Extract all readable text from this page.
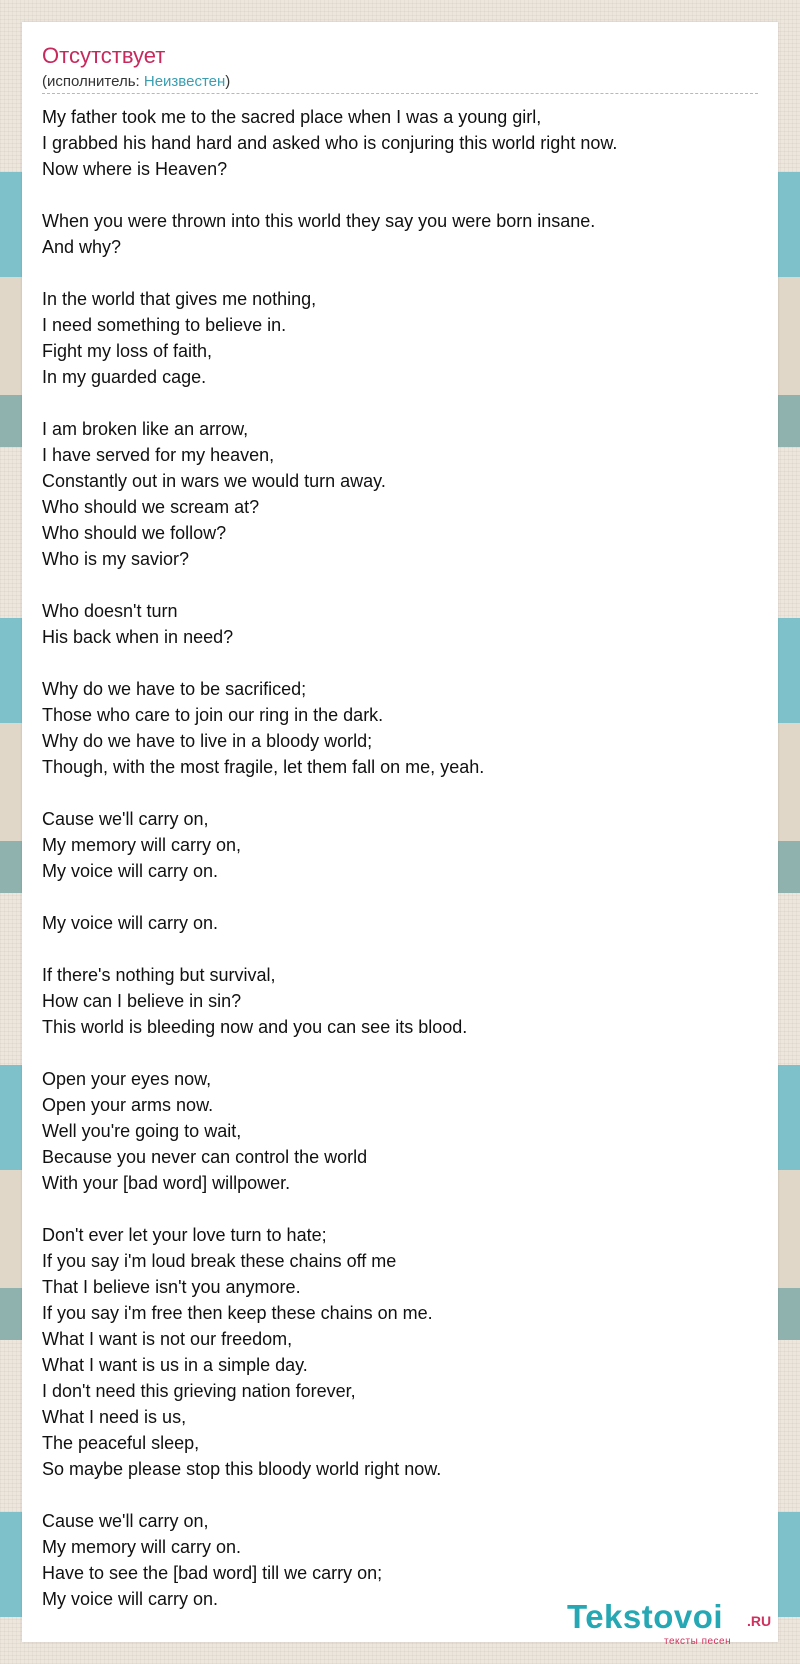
Отсутствует
(исполнитель: Неизвестен)
My father took me to the sacred place when I was a young girl,
I grabbed his hand hard and asked who is conjuring this world right now.
Now where is Heaven?

When you were thrown into this world they say you were born insane.
And why?

In the world that gives me nothing,
I need something to believe in.
Fight my loss of faith,
In my guarded cage.

I am broken like an arrow,
I have served for my heaven,
Constantly out in wars we would turn away.
Who should we scream at?
Who should we follow?
Who is my savior?

Who doesn't turn
His back when in need?

Why do we have to be sacrificed;
Those who care to join our ring in the dark.
Why do we have to live in a bloody world;
Though, with the most fragile, let them fall on me, yeah.

Cause we'll carry on,
My memory will carry on,
My voice will carry on.

My voice will carry on.

If there's nothing but survival,
How can I believe in sin?
This world is bleeding now and you can see its blood.

Open your eyes now,
Open your arms now.
Well you're going to wait,
Because you never can control the world
With your [bad word] willpower.

Don't ever let your love turn to hate;
If you say i'm loud break these chains off me
That I believe isn't you anymore.
If you say i'm free then keep these chains on me.
What I want is not our freedom,
What I want is us in a simple day.
I don't need this grieving nation forever,
What I need is us,
The peaceful sleep,
So maybe please stop this bloody world right now.

Cause we'll carry on,
My memory will carry on.
Have to see the [bad word] till we carry on;
My voice will carry on.	Tekstovoi .RU
тексты песен
